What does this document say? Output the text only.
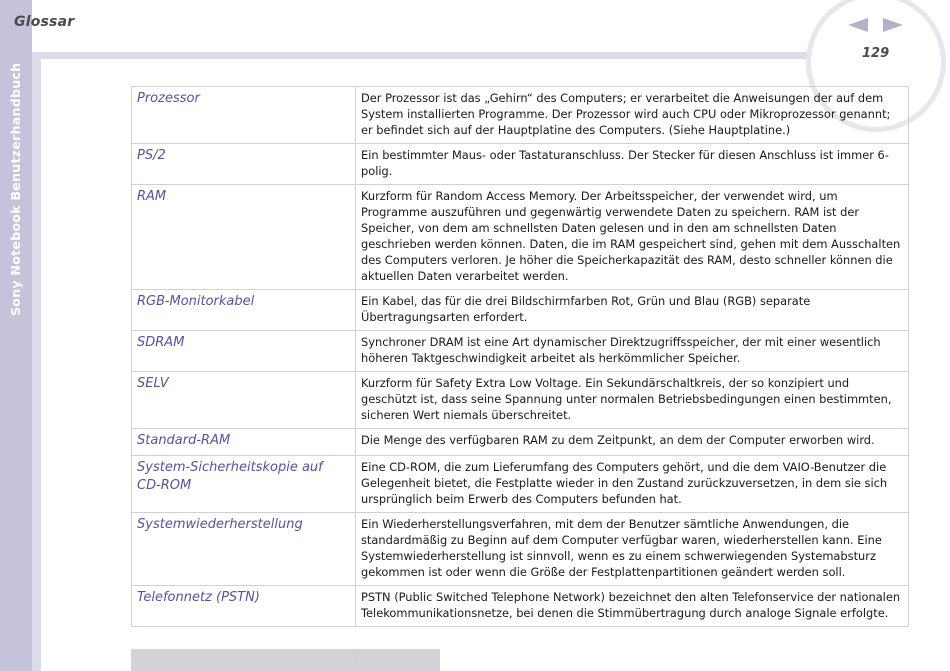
Sony Notebook Benutzerhandbuch
Glossar
129
Prozessor	Der Prozessor ist das „Gehirn“ des Computers; er verarbeitet die Anweisungen der auf dem System installierten Programme. Der Prozessor wird auch CPU oder Mikroprozessor genannt; er befindet sich auf der Hauptplatine des Computers. (Siehe Hauptplatine.)
PS/2	Ein bestimmter Maus- oder Tastaturanschluss. Der Stecker für diesen Anschluss ist immer 6-polig.
RAM	Kurzform für Random Access Memory. Der Arbeitsspeicher, der verwendet wird, um Programme auszuführen und gegenwärtig verwendete Daten zu speichern. RAM ist der Speicher, von dem am schnellsten Daten gelesen und in den am schnellsten Daten geschrieben werden können. Daten, die im RAM gespeichert sind, gehen mit dem Ausschalten des Computers verloren. Je höher die Speicherkapazität des RAM, desto schneller können die aktuellen Daten verarbeitet werden.
RGB-Monitorkabel	Ein Kabel, das für die drei Bildschirmfarben Rot, Grün und Blau (RGB) separate Übertragungsarten erfordert.
SDRAM	Synchroner DRAM ist eine Art dynamischer Direktzugriffsspeicher, der mit einer wesentlich höheren Taktgeschwindigkeit arbeitet als herkömmlicher Speicher.
SELV	Kurzform für Safety Extra Low Voltage. Ein Sekundärschaltkreis, der so konzipiert und geschützt ist, dass seine Spannung unter normalen Betriebsbedingungen einen bestimmten, sicheren Wert niemals überschreitet.
Standard-RAM	Die Menge des verfügbaren RAM zu dem Zeitpunkt, an dem der Computer erworben wird.
System-Sicherheitskopie auf CD-ROM	Eine CD-ROM, die zum Lieferumfang des Computers gehört, und die dem VAIO-Benutzer die Gelegenheit bietet, die Festplatte wieder in den Zustand zurückzuversetzen, in dem sie sich ursprünglich beim Erwerb des Computers befunden hat.
Systemwiederherstellung	Ein Wiederherstellungsverfahren, mit dem der Benutzer sämtliche Anwendungen, die standardmäßig zu Beginn auf dem Computer verfügbar waren, wiederherstellen kann. Eine Systemwiederherstellung ist sinnvoll, wenn es zu einem schwerwiegenden Systemabsturz gekommen ist oder wenn die Größe der Festplattenpartitionen geändert werden soll.
Telefonnetz (PSTN)	PSTN (Public Switched Telephone Network) bezeichnet den alten Telefonservice der nationalen Telekommunikationsnetze, bei denen die Stimmübertragung durch analoge Signale erfolgte.
